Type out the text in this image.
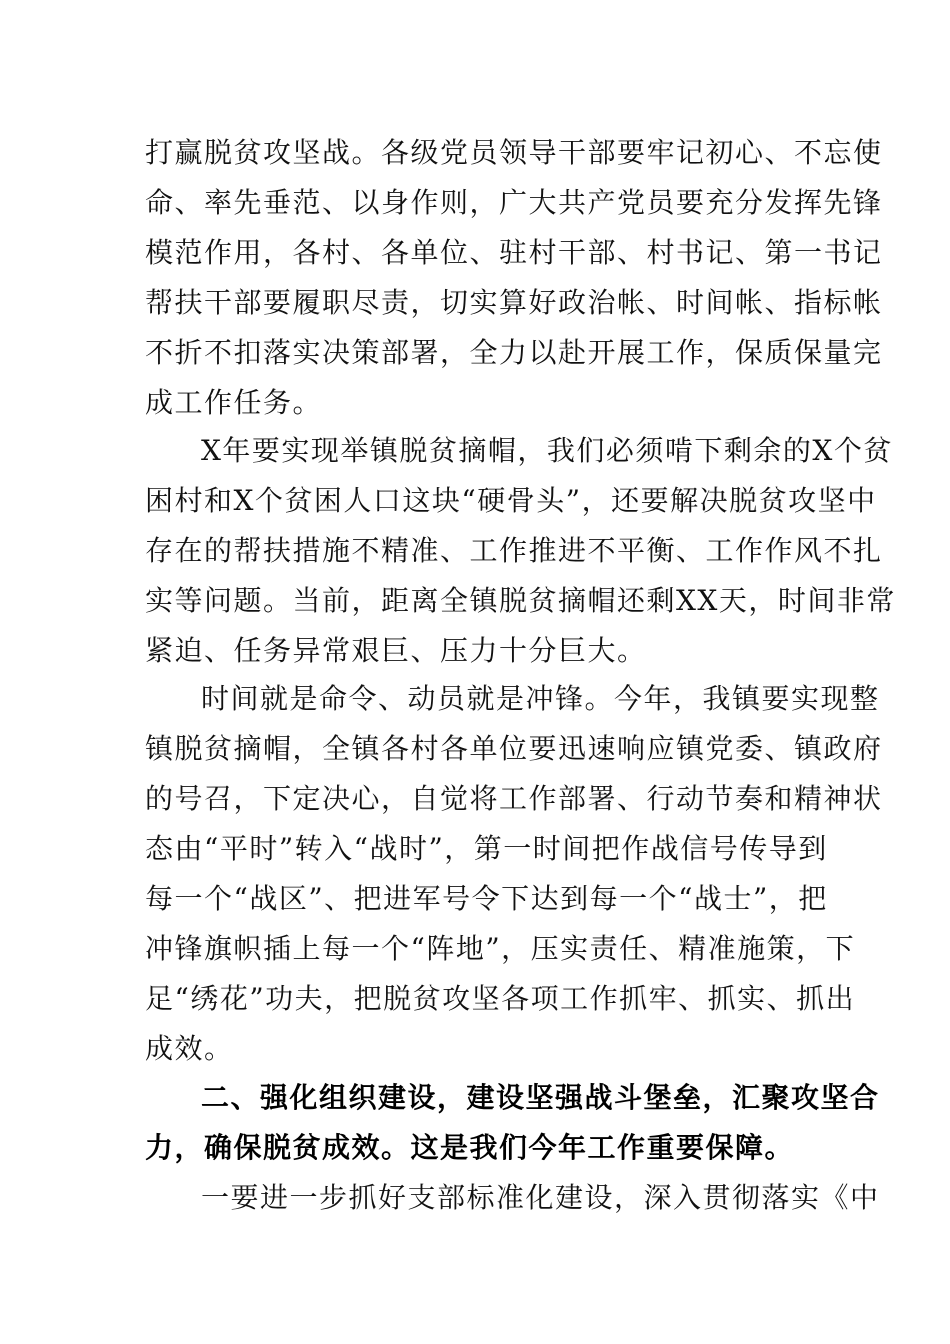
打赢脱贫攻坚战。各级党员领导干部要牢记初心、不忘使
命、率先垂范、以身作则，广大共产党员要充分发挥先锋
模范作用，各村、各单位、驻村干部、村书记、第一书记
帮扶干部要履职尽责，切实算好政治帐、时间帐、指标帐
不折不扣落实决策部署，全力以赴开展工作，保质保量完
成工作任务。
X年要实现举镇脱贫摘帽，我们必须啃下剩余的X个贫
困村和X个贫困人口这块“硬骨头”，还要解决脱贫攻坚中
存在的帮扶措施不精准、工作推进不平衡、工作作风不扎
实等问题。当前，距离全镇脱贫摘帽还剩XX天，时间非常
紧迫、任务异常艰巨、压力十分巨大。
时间就是命令、动员就是冲锋。今年，我镇要实现整
镇脱贫摘帽，全镇各村各单位要迅速响应镇党委、镇政府
的号召，下定决心，自觉将工作部署、行动节奏和精神状
态由“平时”转入“战时”，第一时间把作战信号传导到
每一个“战区”、把进军号令下达到每一个“战士”，把
冲锋旗帜插上每一个“阵地”，压实责任、精准施策，下
足“绣花”功夫，把脱贫攻坚各项工作抓牢、抓实、抓出
成效。
二、强化组织建设，建设坚强战斗堡垒，汇聚攻坚合
力，确保脱贫成效。这是我们今年工作重要保障。
一要进一步抓好支部标准化建设，深入贯彻落实《中
